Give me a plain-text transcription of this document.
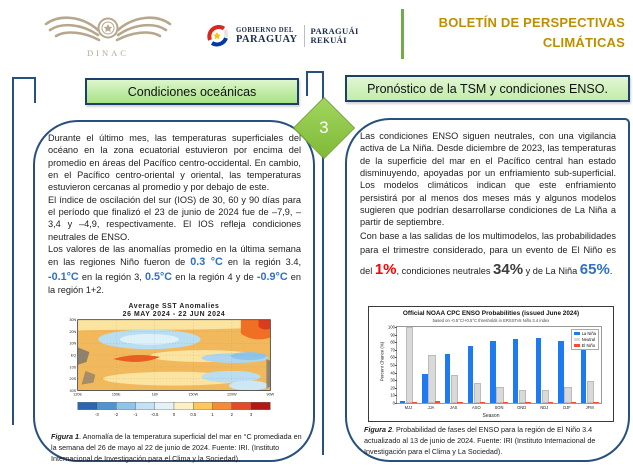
DINAC
GOBIERNO DEL
PARAGUAY
PARAGUÁI
REKUÁI
BOLETÍN DE PERSPECTIVAS
CLIMÁTICAS
3
Condiciones oceánicas	Pronóstico de la TSM y condiciones ENSO.

Durante el último mes, las temperaturas superficiales del océano en la zona ecuatorial estuvieron por encima del promedio en áreas del Pacífico centro-occidental. En cambio, en el Pacífico centro-oriental y oriental, las temperaturas estuvieron cercanas al promedio y por debajo de este.

El índice de oscilación del sur (IOS) de 30, 60 y 90 días para el período que finalizó el 23 de junio de 2024 fue de –7,9, –3,4 y –4,9, respectivamente. El IOS refleja condiciones neutrales de ENSO.

Los valores de las anomalías promedio en la última semana en las regiones Niño fueron de 0.3 °C en la región 3.4, -0.1°C en la región 3, 0.5°C en la región 4 y de -0.9°C en la región 1+2.

Average SST Anomalies
26 MAY 2024 - 22 JUN 2024
30N
20N
10N
EQ
10S
20S
30S
120E	150E	180	150W	120W	90W
-3	-2	-1	-0.5	0	0.5	1	2	3
Figura 1. Anomalía de la temperatura superficial del mar en °C promediada en la semana del 26 de mayo al 22 de junio de 2024. Fuente: IRI. (Instituto Internacional de Investigación para el Clima y la Sociedad).

Las condiciones ENSO siguen neutrales, con una vigilancia activa de La Niña. Desde diciembre de 2023, las temperaturas de la superficie del mar en el Pacífico central han estado disminuyendo, apoyadas por un enfriamiento sub-superficial. Los modelos climáticos indican que este enfriamiento persistirá por al menos dos meses más y algunos modelos sugieren que podrían desarrollarse condiciones de La Niña a partir de septiembre.

Con base a las salidas de los multimodelos, las probabilidades para el trimestre considerado, para un evento de El Niño es del 1%, condiciones neutrales 34% y de La Niña 65%.

Official NOAA CPC ENSO Probabilities (issued June 2024)
based on -0.5°C/+0.5°C thresholds in ERSSTv5 Niño 3.4 index
Percent Chance (%)
La Niña
Neutral
El Niño
0
10
20
30
40
50
60
70
80
90
100
MJJ	JJA	JAS	ASO	SON	OND	NDJ	DJF	JFM
Season
Figura 2. Probabilidad de fases del ENSO para la región de El Niño 3.4 actualizado al 13 de junio de 2024. Fuente: IRI (Instituto Internacional de Investigación para el Clima y La Sociedad).
